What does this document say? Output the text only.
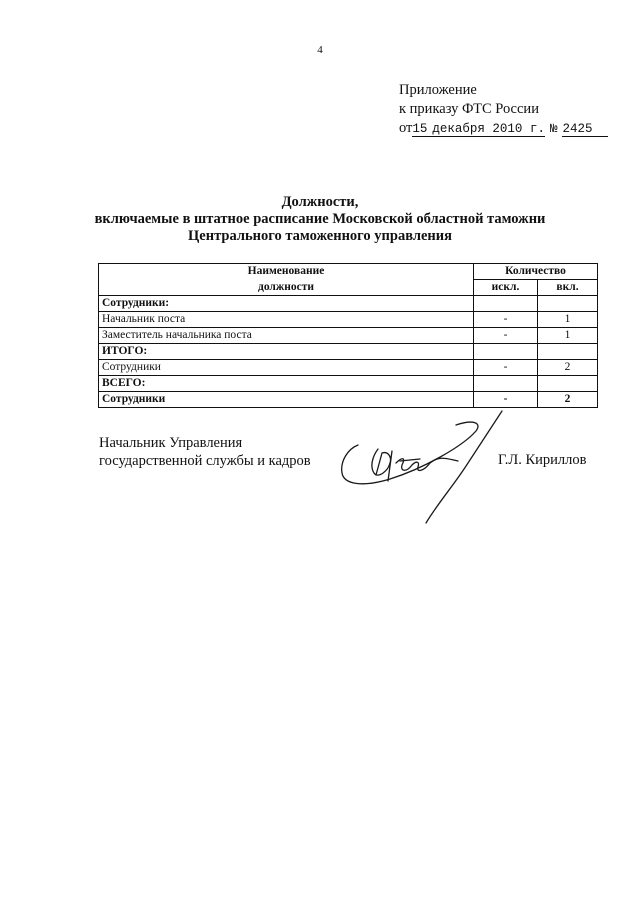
4
Приложение
к приказу ФТС России
от 15 декабря 2010 г. № 2425
Должности,
включаемые в штатное расписание Московской областной таможни
Центрального таможенного управления
Наименование	Количество	
должности	искл.	вкл.
Сотрудники:		
Начальник поста	-	1
Заместитель начальника поста	-	1
ИТОГО:		
Сотрудники	-	2
ВСЕГО:		
Сотрудники	-	2
Начальник Управления
государственной службы и кадров	Г.Л. Кириллов
